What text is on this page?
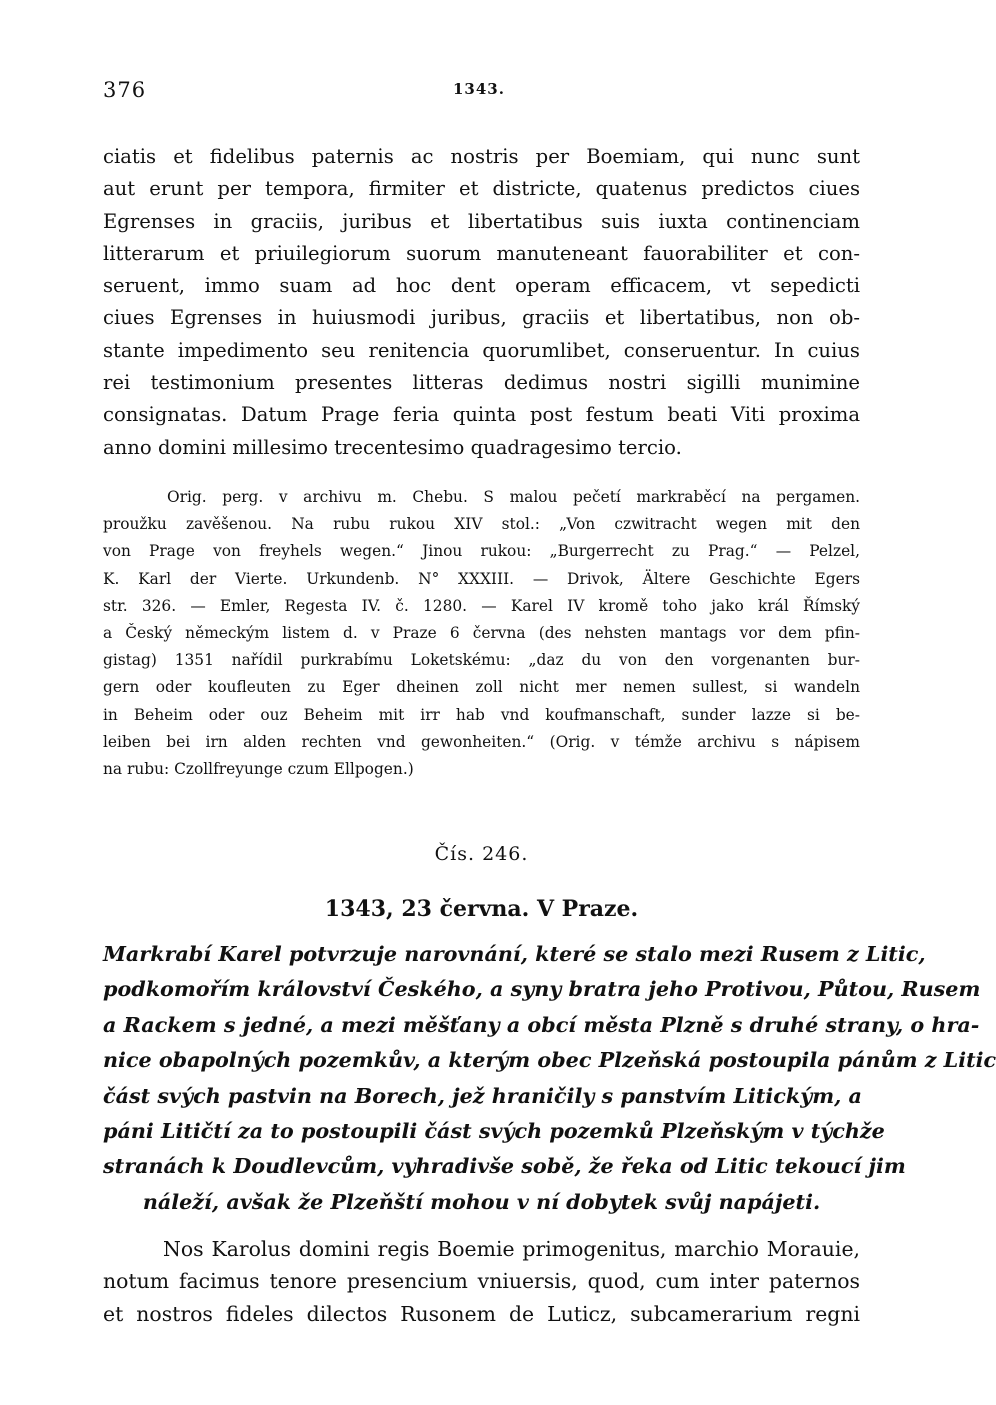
376	1343.
ciatis et fidelibus paternis ac nostris per Boemiam, qui nunc sunt
aut erunt per tempora, firmiter et districte, quatenus predictos ciues
Egrenses in graciis, juribus et libertatibus suis iuxta continenciam
litterarum et priuilegiorum suorum manuteneant fauorabiliter et con-
seruent, immo suam ad hoc dent operam efficacem, vt sepedicti
ciues Egrenses in huiusmodi juribus, graciis et libertatibus, non ob-
stante impedimento seu renitencia quorumlibet, conseruentur. In cuius
rei testimonium presentes litteras dedimus nostri sigilli munimine
consignatas. Datum Prage feria quinta post festum beati Viti proxima
anno domini millesimo trecentesimo quadragesimo tercio.
Orig. perg. v archivu m. Chebu. S malou pečetí markraběcí na pergamen.
proužku zavěšenou. Na rubu rukou XIV stol.: „Von czwitracht wegen mit den
von Prage von freyhels wegen.“ Jinou rukou: „Burgerrecht zu Prag.“ — Pelzel,
K. Karl der Vierte. Urkundenb. N° XXXIII. — Drivok, Ältere Geschichte Egers
str. 326. — Emler, Regesta IV. č. 1280. — Karel IV kromě toho jako král Římský
a Český německým listem d. v Praze 6 června (des nehsten mantags vor dem pfin-
gistag) 1351 nařídil purkrabímu Loketskému: „daz du von den vorgenanten bur-
gern oder koufleuten zu Eger dheinen zoll nicht mer nemen sullest, si wandeln
in Beheim oder ouz Beheim mit irr hab vnd koufmanschaft, sunder lazze si be-
leiben bei irn alden rechten vnd gewonheiten.“ (Orig. v témže archivu s nápisem
na rubu: Czollfreyunge czum Ellpogen.)
Čís. 246.
1343, 23 června. V Praze.
Markrabí Karel potvrzuje narovnání, které se stalo mezi Rusem z Litic,
podkomořím království Českého, a syny bratra jeho Protivou, Půtou, Rusem
a Rackem s jedné, a mezi měšťany a obcí města Plzně s druhé strany, o hra-
nice obapolných pozemkův, a kterým obec Plzeňská postoupila pánům z Litic
část svých pastvin na Borech, jež hraničily s panstvím Litickým, a
páni Litičtí za to postoupili část svých pozemků Plzeňským v týchže
stranách k Doudlevcům, vyhradivše sobě, že řeka od Litic tekoucí jim
náleží, avšak že Plzeňští mohou v ní dobytek svůj napájeti.
Nos Karolus domini regis Boemie primogenitus, marchio Morauie,
notum facimus tenore presencium vniuersis, quod, cum inter paternos
et nostros fideles dilectos Rusonem de Luticz, subcamerarium regni
